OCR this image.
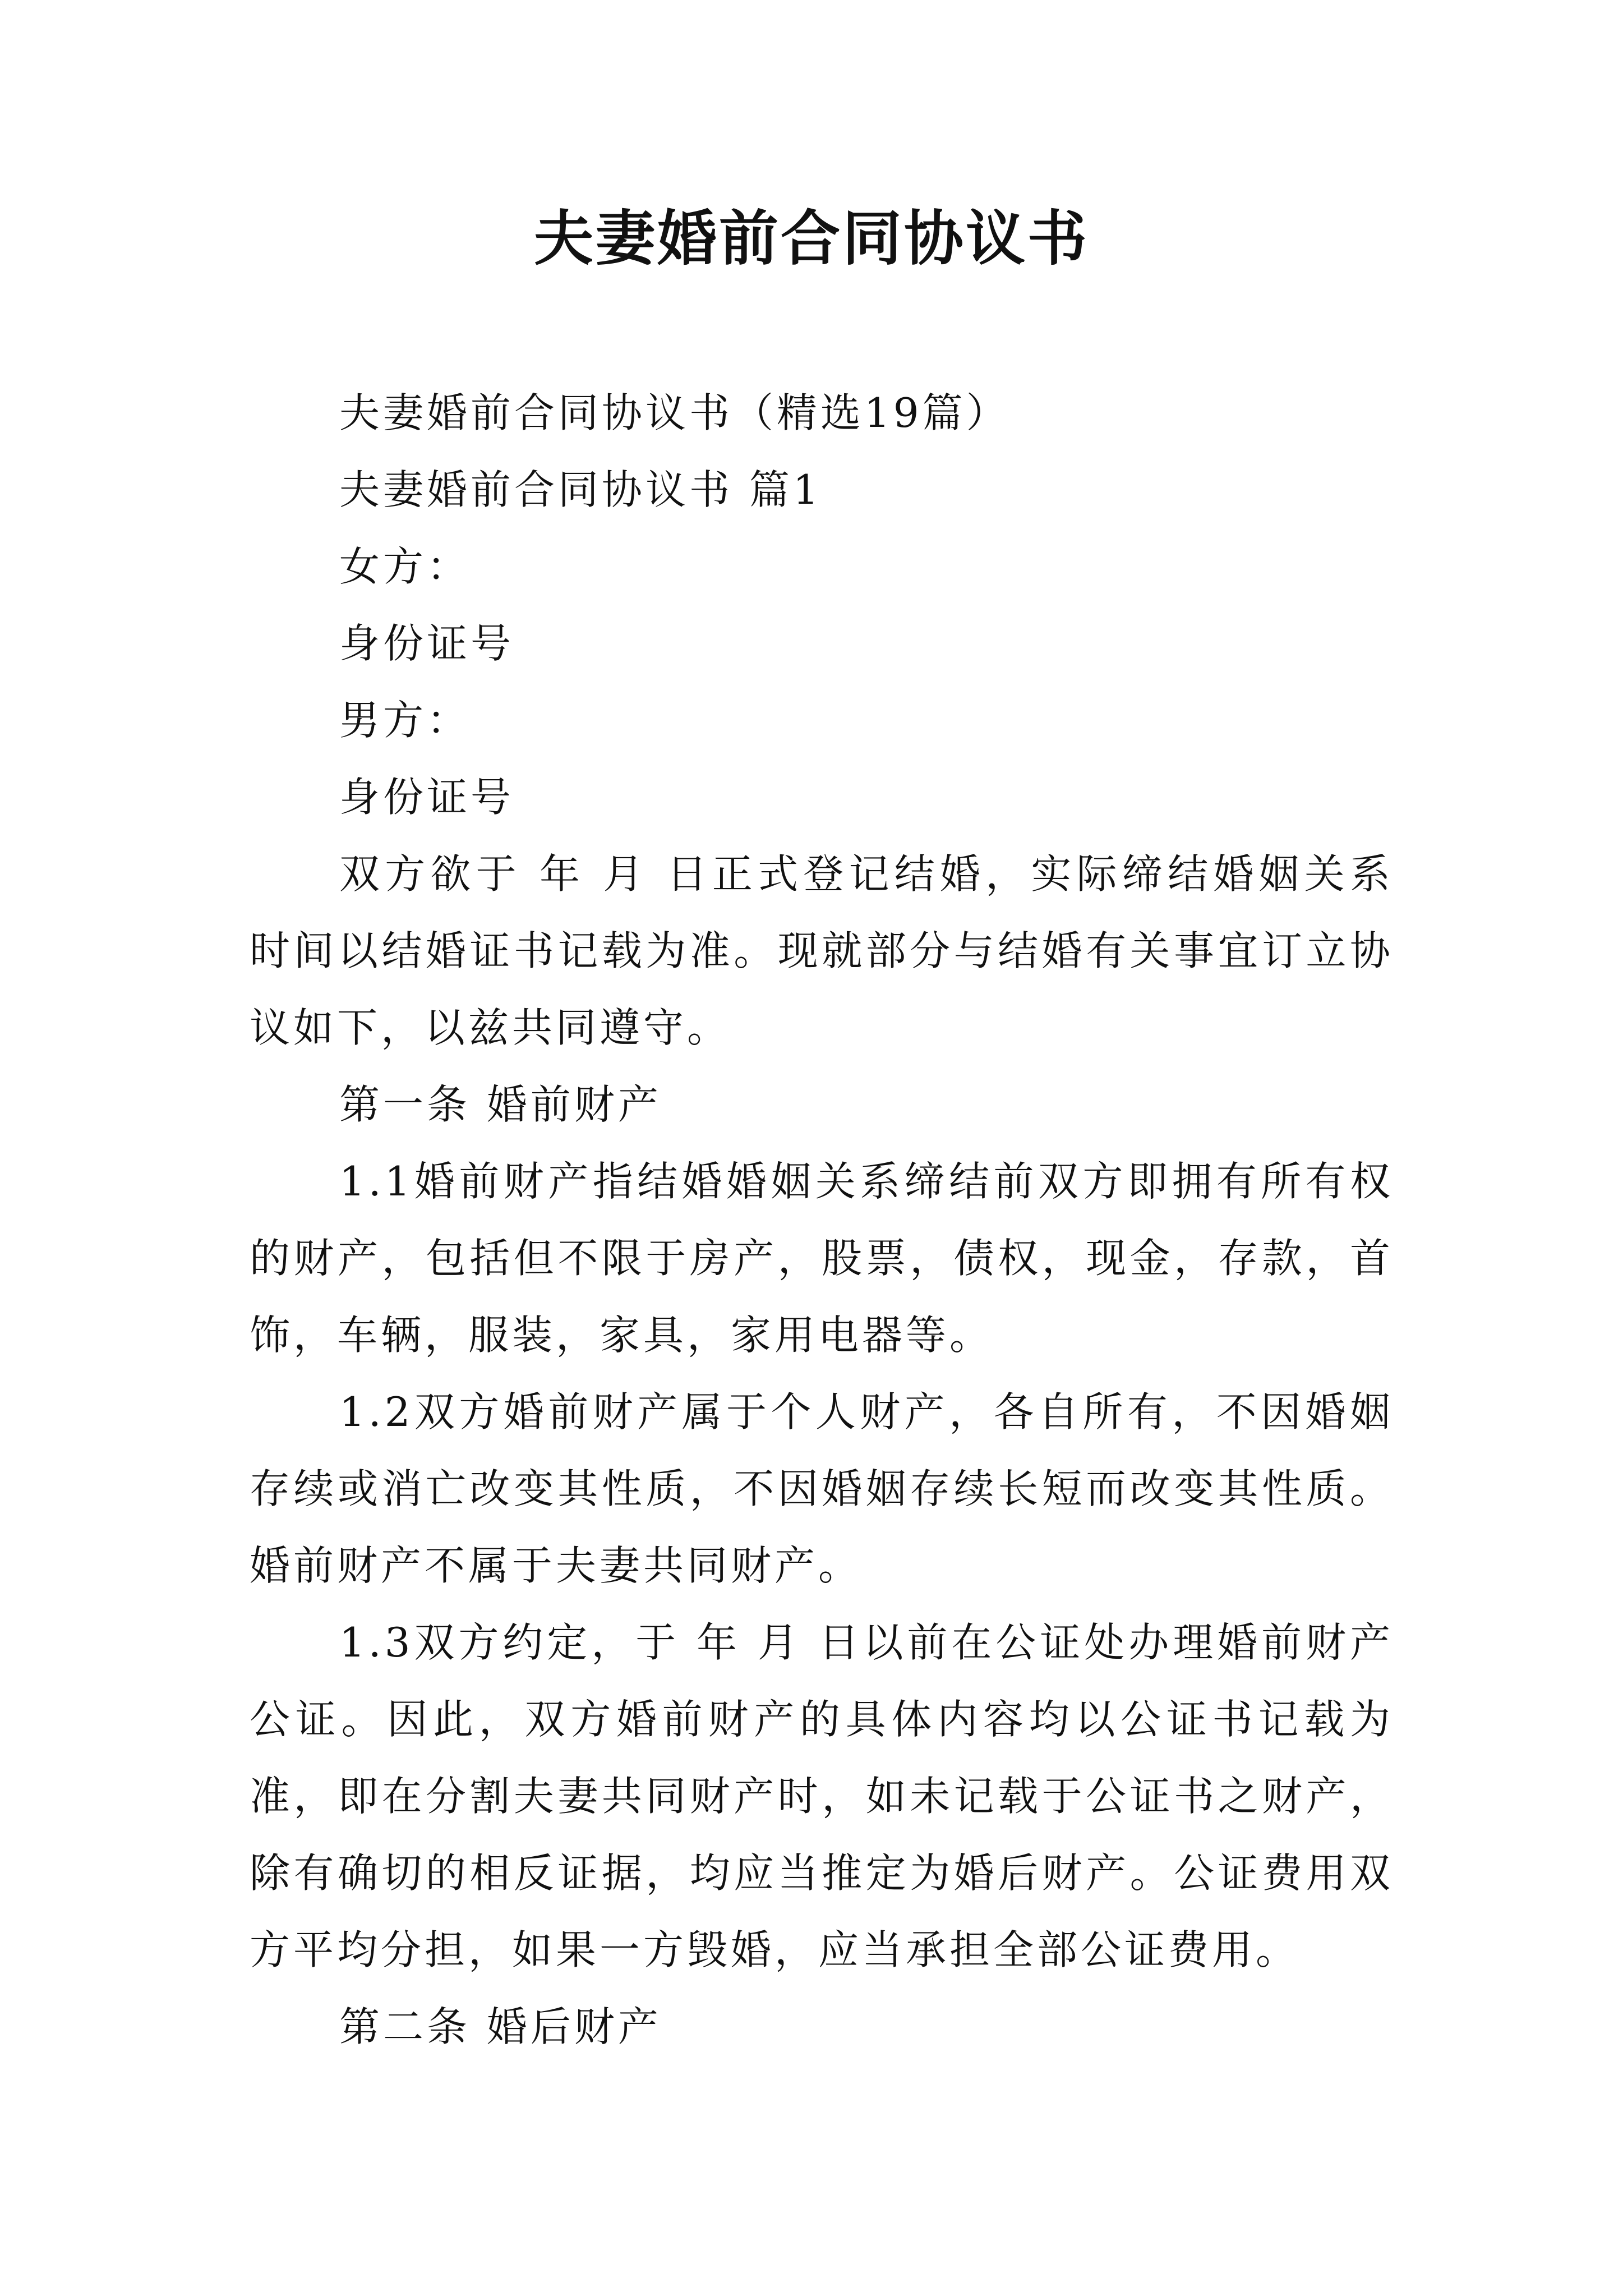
夫妻婚前合同协议书

夫妻婚前合同协议书（精选19篇）

夫妻婚前合同协议书 篇1

女方：

身份证号

男方：

身份证号

双方欲于 年 月 日正式登记结婚，实际缔结婚姻关系时间以结婚证书记载为准。现就部分与结婚有关事宜订立协议如下，以兹共同遵守。

第一条 婚前财产

1.1婚前财产指结婚婚姻关系缔结前双方即拥有所有权的财产，包括但不限于房产，股票，债权，现金，存款，首饰，车辆，服装，家具，家用电器等。

1.2双方婚前财产属于个人财产，各自所有，不因婚姻存续或消亡改变其性质，不因婚姻存续长短而改变其性质。婚前财产不属于夫妻共同财产。

1.3双方约定，于 年 月 日以前在公证处办理婚前财产公证。因此，双方婚前财产的具体内容均以公证书记载为准，即在分割夫妻共同财产时，如未记载于公证书之财产，除有确切的相反证据，均应当推定为婚后财产。公证费用双方平均分担，如果一方毁婚，应当承担全部公证费用。

第二条 婚后财产
